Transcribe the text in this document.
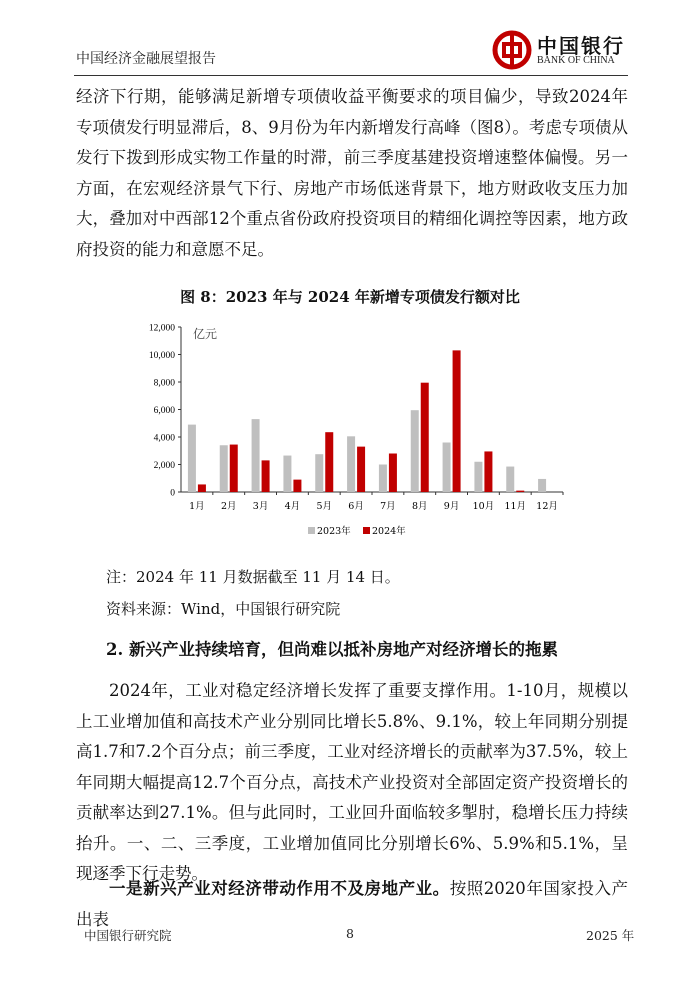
中国经济金融展望报告
中国银行
BANK OF CHINA
经济下行期，能够满足新增专项债收益平衡要求的项目偏少，导致2024年专项债发行明显滞后，8、9月份为年内新增发行高峰（图8）。考虑专项债从发行下拨到形成实物工作量的时滞，前三季度基建投资增速整体偏慢。另一方面，在宏观经济景气下行、房地产市场低迷背景下，地方财政收支压力加大，叠加对中西部12个重点省份政府投资项目的精细化调控等因素，地方政府投资的能力和意愿不足。
图 8：2023 年与 2024 年新增专项债发行额对比
0
2,000
4,000
6,000
8,000
10,000
12,000 亿元
1月 2月 3月 4月 5月 6月 7月 8月 9月 10月 11月 12月
2023年 2024年
注：2024 年 11 月数据截至 11 月 14 日。
资料来源：Wind，中国银行研究院
2. 新兴产业持续培育，但尚难以抵补房地产对经济增长的拖累
2024年，工业对稳定经济增长发挥了重要支撑作用。1-10月，规模以上工业增加值和高技术产业分别同比增长5.8%、9.1%，较上年同期分别提高1.7和7.2个百分点；前三季度，工业对经济增长的贡献率为37.5%，较上年同期大幅提高12.7个百分点，高技术产业投资对全部固定资产投资增长的贡献率达到27.1%。但与此同时，工业回升面临较多掣肘，稳增长压力持续抬升。一、二、三季度，工业增加值同比分别增长6%、5.9%和5.1%，呈现逐季下行走势。
一是新兴产业对经济带动作用不及房地产业。按照2020年国家投入产出表
中国银行研究院	8	2025 年
